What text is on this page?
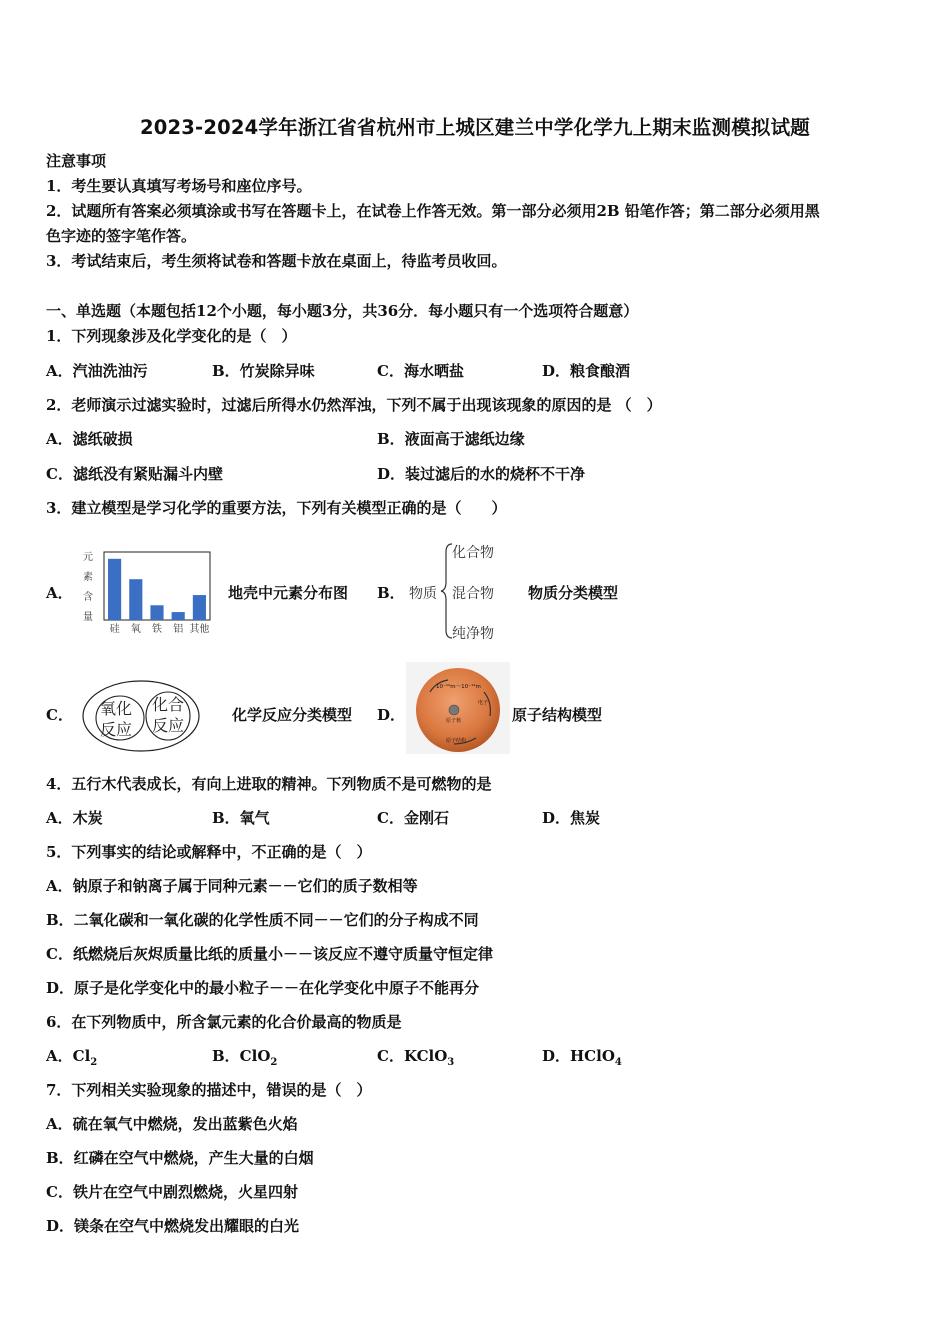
2023-2024学年浙江省省杭州市上城区建兰中学化学九上期末监测模拟试题
注意事项
1．考生要认真填写考场号和座位序号。
2．试题所有答案必须填涂或书写在答题卡上，在试卷上作答无效。第一部分必须用2B 铅笔作答；第二部分必须用黑
色字迹的签字笔作答。
3．考试结束后，考生须将试卷和答题卡放在桌面上，待监考员收回。
一、单选题（本题包括12个小题，每小题3分，共36分．每小题只有一个选项符合题意）
1．下列现象涉及化学变化的是（　）
A．汽油洗油污	B．竹炭除异味	C．海水晒盐	D．粮食酿酒
2．老师演示过滤实验时，过滤后所得水仍然浑浊，下列不属于出现该现象的原因的是 （　）
A．滤纸破损	B．液面高于滤纸边缘
C．滤纸没有紧贴漏斗内壁	D．装过滤后的水的烧杯不干净
3．建立模型是学习化学的重要方法，下列有关模型正确的是（　　）
A．
元
素
含
量
硅 氧 铁 铝 其他
地壳中元素分布图 B． 物质
化合物
混合物
纯净物
物质分类模型
C． 氧化
反应
化合
反应
化学反应分类模型 D．
10⁻¹⁰m～10⁻¹⁴m
原子核
电子
原子结构
原子结构模型
4．五行木代表成长，有向上进取的精神。下列物质不是可燃物的是
A．木炭	B．氧气	C．金刚石	D．焦炭
5．下列事实的结论或解释中，不正确的是（　）
A．钠原子和钠离子属于同种元素－－它们的质子数相等
B．二氧化碳和一氧化碳的化学性质不同－－它们的分子构成不同
C．纸燃烧后灰烬质量比纸的质量小－－该反应不遵守质量守恒定律
D．原子是化学变化中的最小粒子－－在化学变化中原子不能再分
6．在下列物质中，所含氯元素的化合价最高的物质是
A．$Cl_2$	B．ClO$_2$	C．KClO$_3$	D．HClO$_4$
7．下列相关实验现象的描述中，错误的是（　）
A．硫在氧气中燃烧，发出蓝紫色火焰
B．红磷在空气中燃烧，产生大量的白烟
C．铁片在空气中剧烈燃烧，火星四射
D．镁条在空气中燃烧发出耀眼的白光
